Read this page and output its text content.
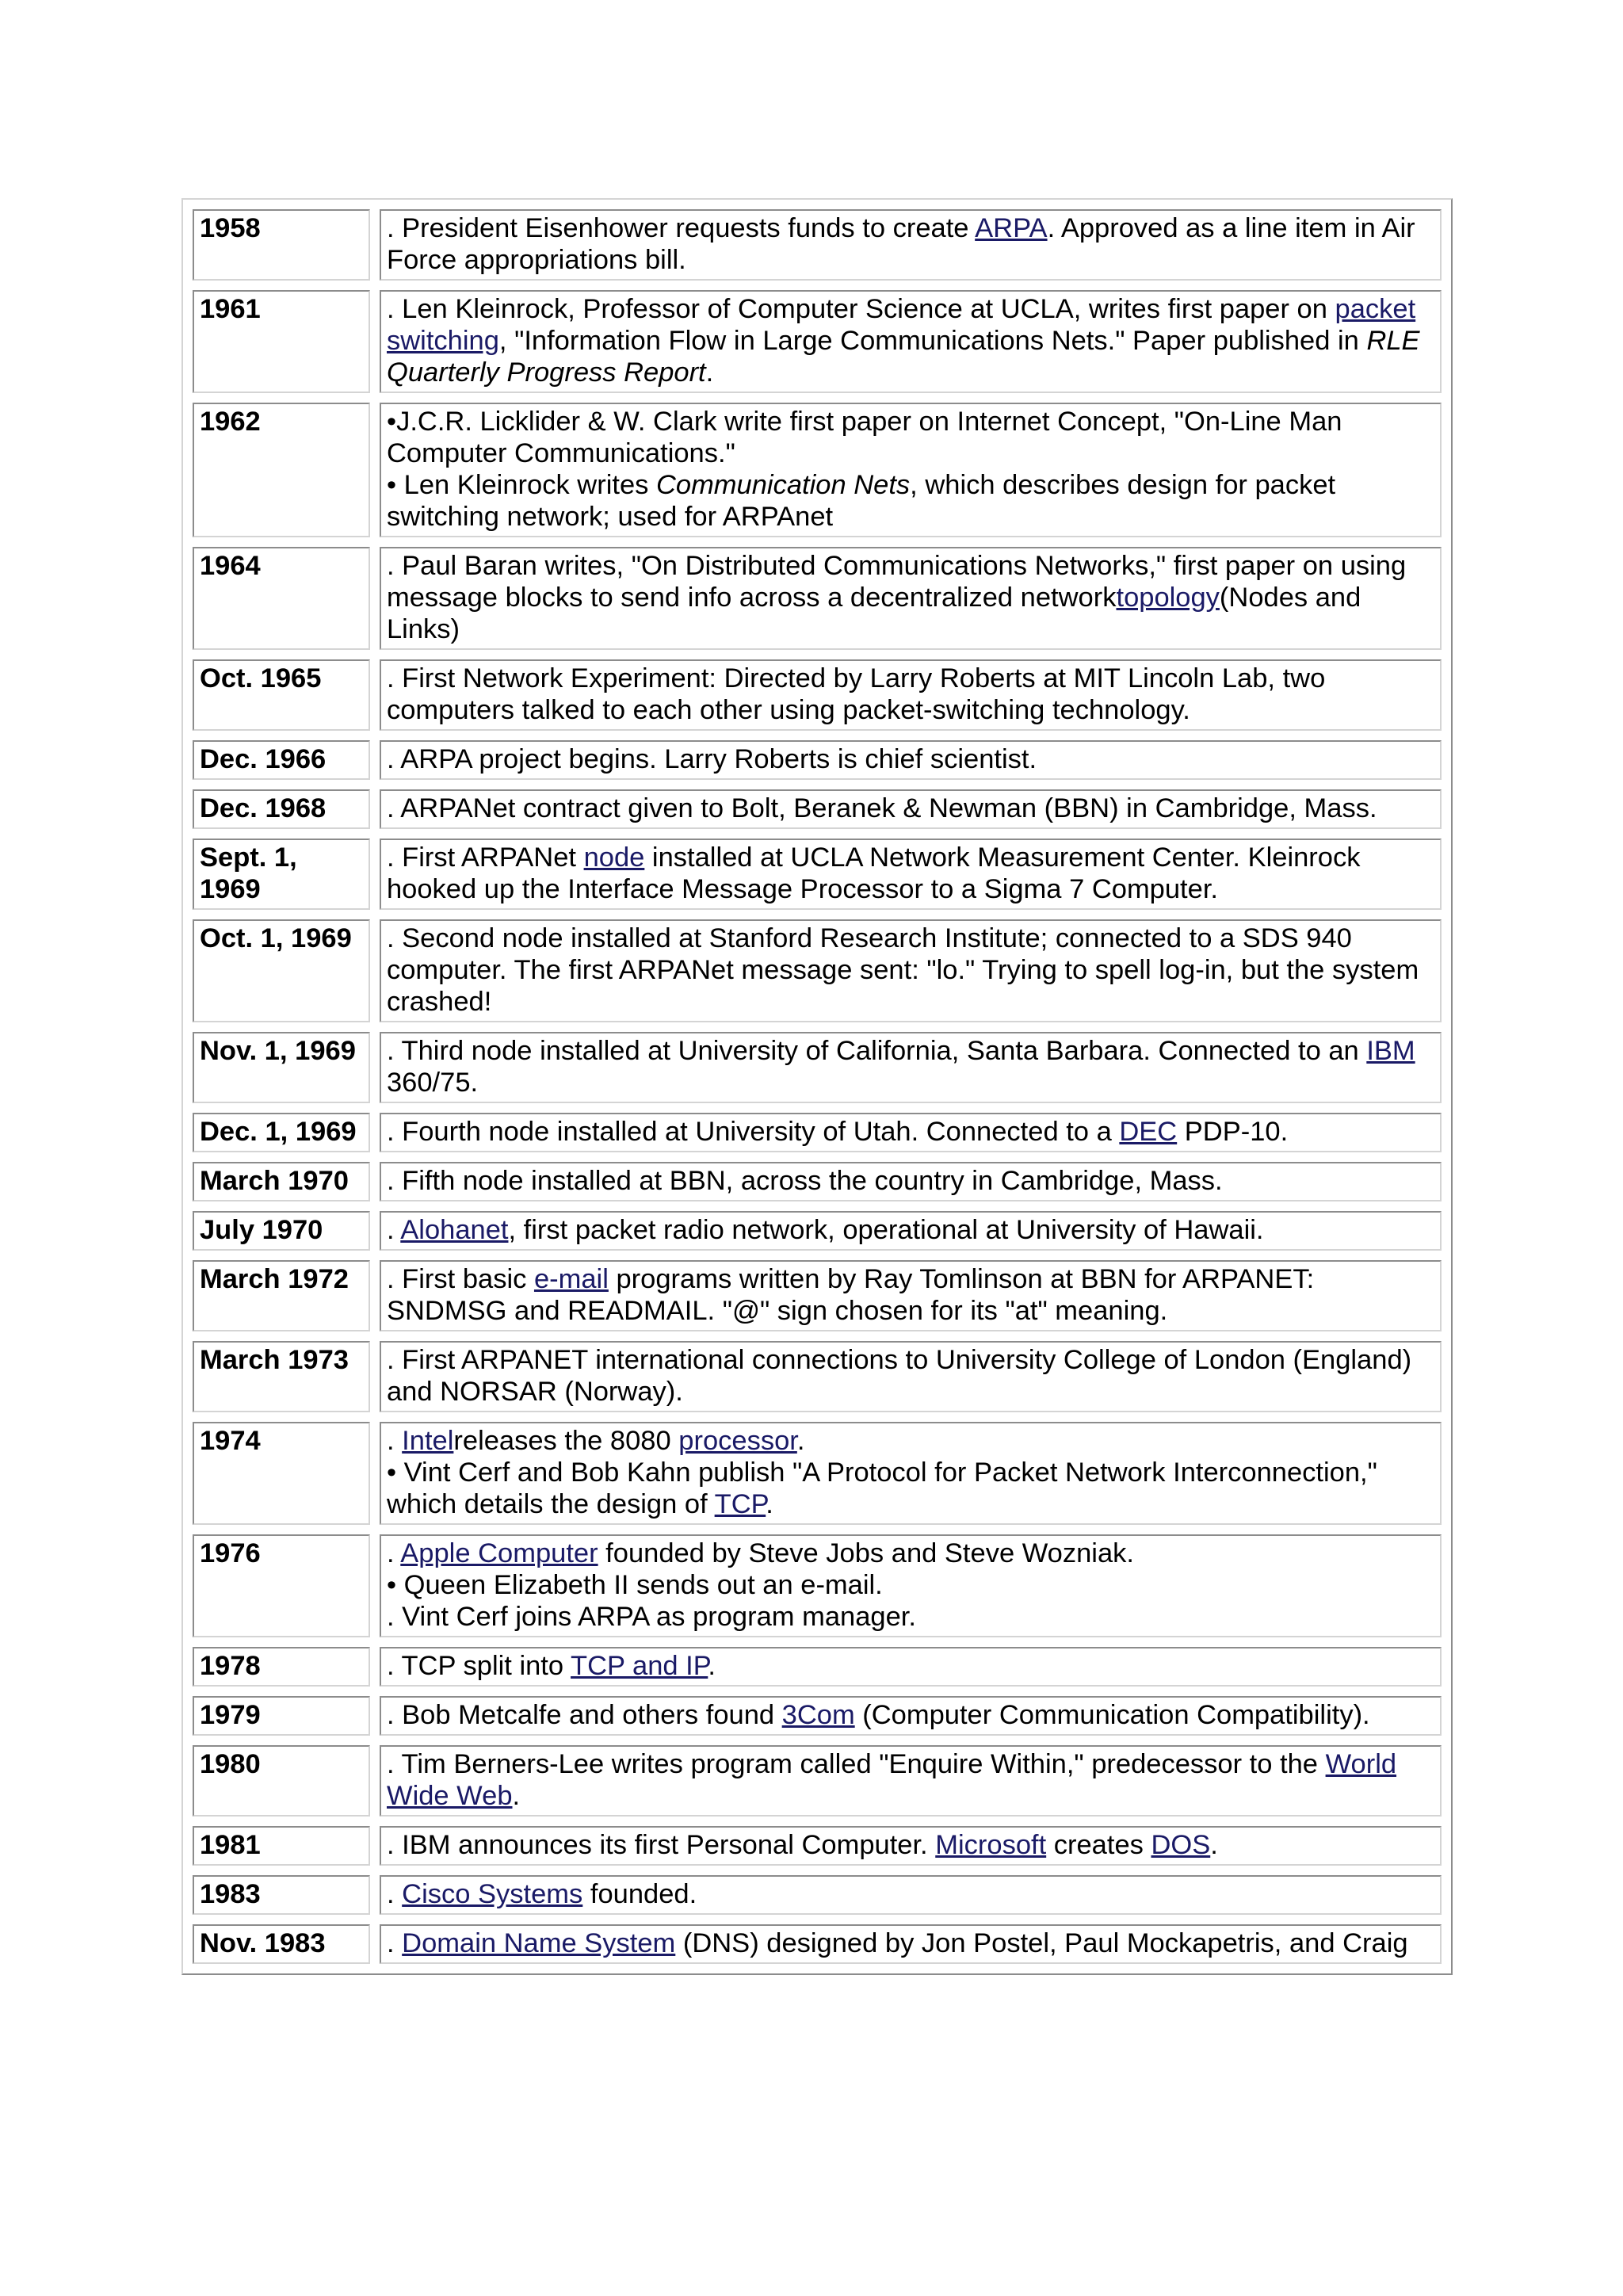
1958	. President Eisenhower requests funds to create ARPA. Approved as a line item in Air Force appropriations bill.

1961	. Len Kleinrock, Professor of Computer Science at UCLA, writes first paper on packet switching, "Information Flow in Large Communications Nets." Paper published in RLE Quarterly Progress Report.

1962	•J.C.R. Licklider & W. Clark write first paper on Internet Concept, "On-Line Man Computer Communications."
• Len Kleinrock writes Communication Nets, which describes design for packet switching network; used for ARPAnet

1964	. Paul Baran writes, "On Distributed Communications Networks," first paper on using message blocks to send info across a decentralized networktopology(Nodes and Links)

Oct. 1965	. First Network Experiment: Directed by Larry Roberts at MIT Lincoln Lab, two computers talked to each other using packet-switching technology.

Dec. 1966	. ARPA project begins. Larry Roberts is chief scientist.

Dec. 1968	. ARPANet contract given to Bolt, Beranek & Newman (BBN) in Cambridge, Mass.

Sept. 1, 1969	. First ARPANet node installed at UCLA Network Measurement Center. Kleinrock hooked up the Interface Message Processor to a Sigma 7 Computer.

Oct. 1, 1969	. Second node installed at Stanford Research Institute; connected to a SDS 940 computer. The first ARPANet message sent: "lo." Trying to spell log-in, but the system crashed!

Nov. 1, 1969	. Third node installed at University of California, Santa Barbara. Connected to an IBM 360/75.

Dec. 1, 1969	. Fourth node installed at University of Utah. Connected to a DEC PDP-10.

March 1970	. Fifth node installed at BBN, across the country in Cambridge, Mass.

July 1970	. Alohanet, first packet radio network, operational at University of Hawaii.

March 1972	. First basic e-mail programs written by Ray Tomlinson at BBN for ARPANET: SNDMSG and READMAIL. "@" sign chosen for its "at" meaning.

March 1973	. First ARPANET international connections to University College of London (England) and NORSAR (Norway).

1974	. Intelreleases the 8080 processor.
• Vint Cerf and Bob Kahn publish "A Protocol for Packet Network Interconnection," which details the design of TCP.

1976	. Apple Computer founded by Steve Jobs and Steve Wozniak.
• Queen Elizabeth II sends out an e-mail.
. Vint Cerf joins ARPA as program manager.

1978	. TCP split into TCP and IP.

1979	. Bob Metcalfe and others found 3Com (Computer Communication Compatibility).

1980	. Tim Berners-Lee writes program called "Enquire Within," predecessor to the World Wide Web.

1981	. IBM announces its first Personal Computer. Microsoft creates DOS.

1983	. Cisco Systems founded.

Nov. 1983	. Domain Name System (DNS) designed by Jon Postel, Paul Mockapetris, and Craig
